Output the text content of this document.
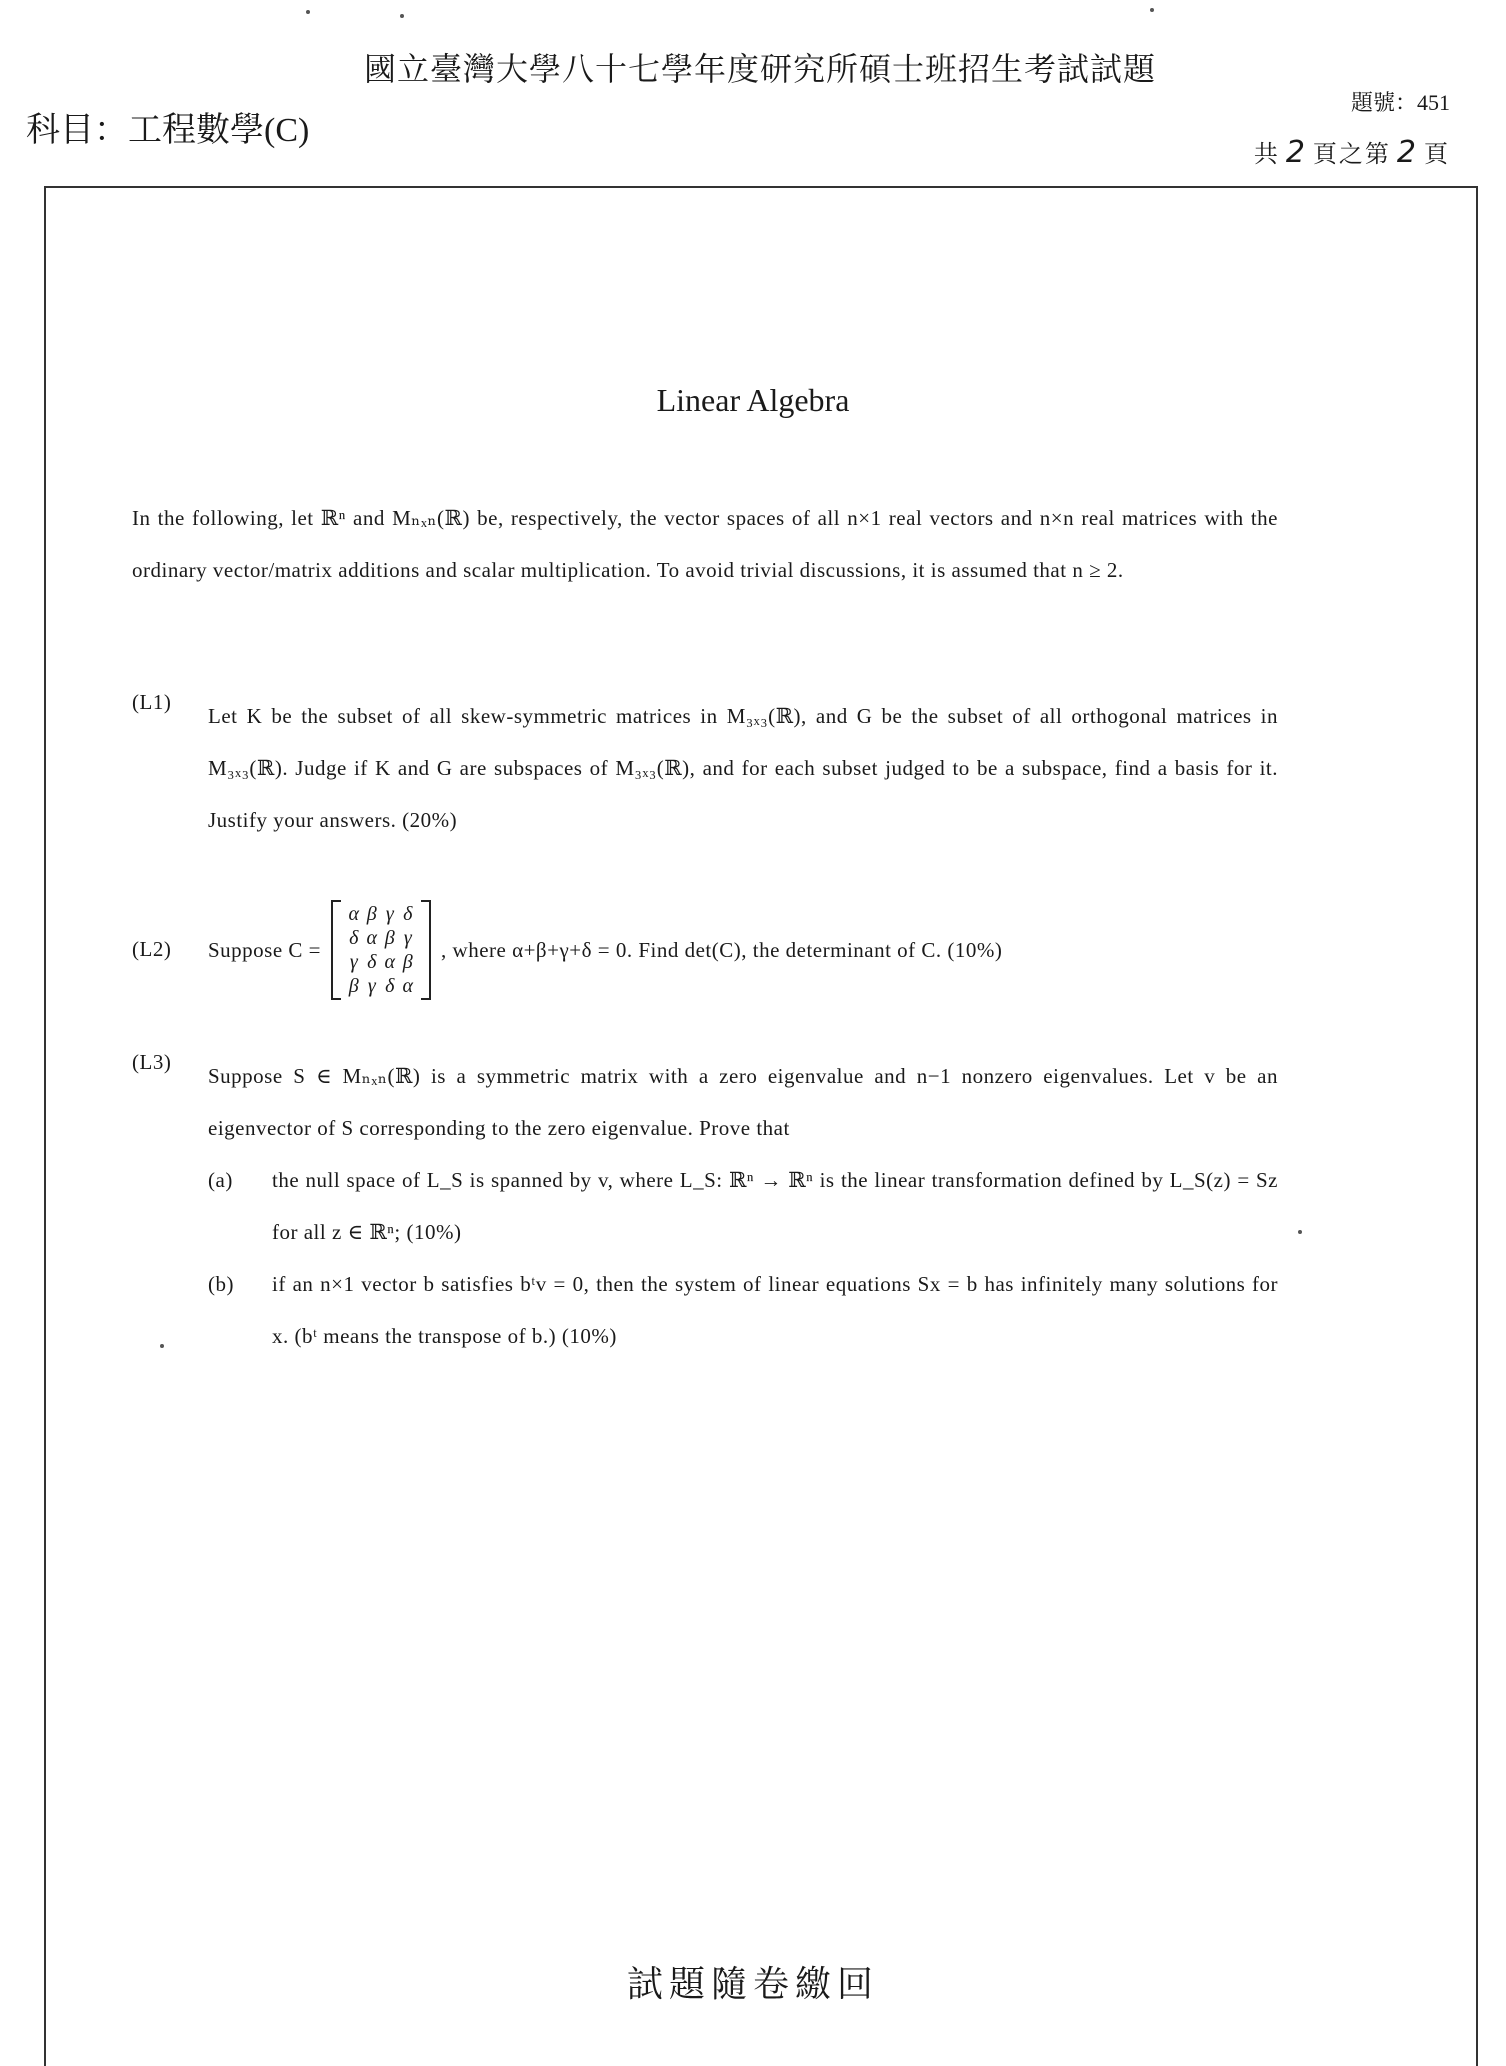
國立臺灣大學八十七學年度研究所碩士班招生考試試題
科目：工程數學(C)
題號：451
共 2 頁之第 2 頁
Linear Algebra
In the following, let ℝⁿ and Mₙₓₙ(ℝ) be, respectively, the vector spaces of all n×1 real vectors and n×n real matrices with the ordinary vector/matrix additions and scalar multiplication. To avoid trivial discussions, it is assumed that n ≥ 2.
(L1)
Let K be the subset of all skew-symmetric matrices in M₃ₓ₃(ℝ), and G be the subset of all orthogonal matrices in M₃ₓ₃(ℝ). Judge if K and G are subspaces of M₃ₓ₃(ℝ), and for each subset judged to be a subspace, find a basis for it. Justify your answers. (20%)
(L2) Suppose C =
α β γ δ
δ α β γ
γ δ α β
β γ δ α
, where α+β+γ+δ = 0. Find det(C), the determinant of C. (10%)
(L3)
Suppose S ∈ Mₙₓₙ(ℝ) is a symmetric matrix with a zero eigenvalue and n−1 nonzero eigenvalues. Let v be an eigenvector of S corresponding to the zero eigenvalue. Prove that
(a) the null space of L_S is spanned by v, where L_S: ℝⁿ → ℝⁿ is the linear transformation defined by L_S(z) = Sz for all z ∈ ℝⁿ; (10%)
(b) if an n×1 vector b satisfies bᵗv = 0, then the system of linear equations Sx = b has infinitely many solutions for x. (bᵗ means the transpose of b.) (10%)
試題隨卷繳回
